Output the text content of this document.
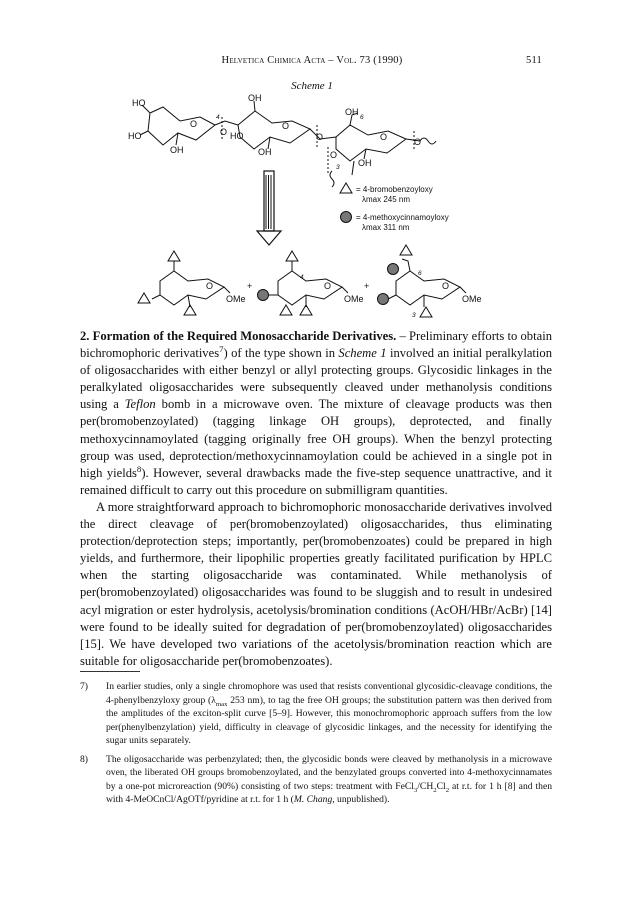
Helvetica Chimica Acta – Vol. 73 (1990)	511
Scheme 1
HO
HO
OH
O
O
4
OH
HO
O
OH
O
OH
6
O
OH
O
3
O
= 4-bromobenzoyloxy
λmax 245 nm
= 4-methoxycinnamoyloxy
λmax 311 nm
O
OMe
+
4
O
OMe
+
6
3
O
OMe

2. Formation of the Required Monosaccharide Derivatives. – Preliminary efforts to obtain bichromophoric derivatives$^7$) of the type shown in Scheme 1 involved an initial peralkylation of oligosaccharides with either benzyl or allyl protecting groups. Glycosidic linkages in the peralkylated oligosaccharides were subsequently cleaved under methanolysis conditions using a Teflon bomb in a microwave oven. The mixture of cleavage products was then per(bromobenzoylated) (tagging linkage OH groups), deprotected, and finally methoxycinnamoylated (tagging originally free OH groups). When the benzyl protecting group was used, deprotection/methoxycinnamoylation could be achieved in a single pot in high yields$^8$). However, several drawbacks made the five-step sequence unattractive, and it remained difficult to carry out this procedure on submilligram quantities.

A more straightforward approach to bichromophoric monosaccharide derivatives involved the direct cleavage of per(bromobenzoylated) oligosaccharides, thus eliminating protection/deprotection steps; importantly, per(bromobenzoates) could be prepared in high yields, and furthermore, their lipophilic properties greatly facilitated purification by HPLC when the starting oligosaccharide was contaminated. While methanolysis of per(bromobenzoylated) oligosaccharides was found to be sluggish and to result in undesired acyl migration or ester hydrolysis, acetolysis/bromination conditions (AcOH/HBr/AcBr) [14] were found to be ideally suited for degradation of per(bromobenzoylated) oligosaccharides [15]. We have developed two variations of the acetolysis/bromination reaction which are suitable for oligosaccharide per(bromobenzoates).

7) In earlier studies, only a single chromophore was used that resists conventional glycosidic-cleavage conditions, the 4-phenylbenzyloxy group ($\lambda_{max}$ 253 nm), to tag the free OH groups; the substitution pattern was then derived from the amplitudes of the exciton-split curve [5–9]. However, this monochromophoric approach suffers from the low per(phenylbenzylation) yield, difficulty in cleavage of glycosidic linkages, and the necessity for identifying the sugar units separately.
8) The oligosaccharide was perbenzylated; then, the glycosidic bonds were cleaved by methanolysis in a microwave oven, the liberated OH groups bromobenzoylated, and the benzylated groups converted into 4-methoxycinnamates by a one-pot microreaction (90%) consisting of two steps: treatment with $FeCl_3/CH_2Cl_2$ at r.t. for 1 h [8] and then with 4-MeOCnCl/AgOTf/pyridine at r.t. for 1 h (M. Chang, unpublished).
